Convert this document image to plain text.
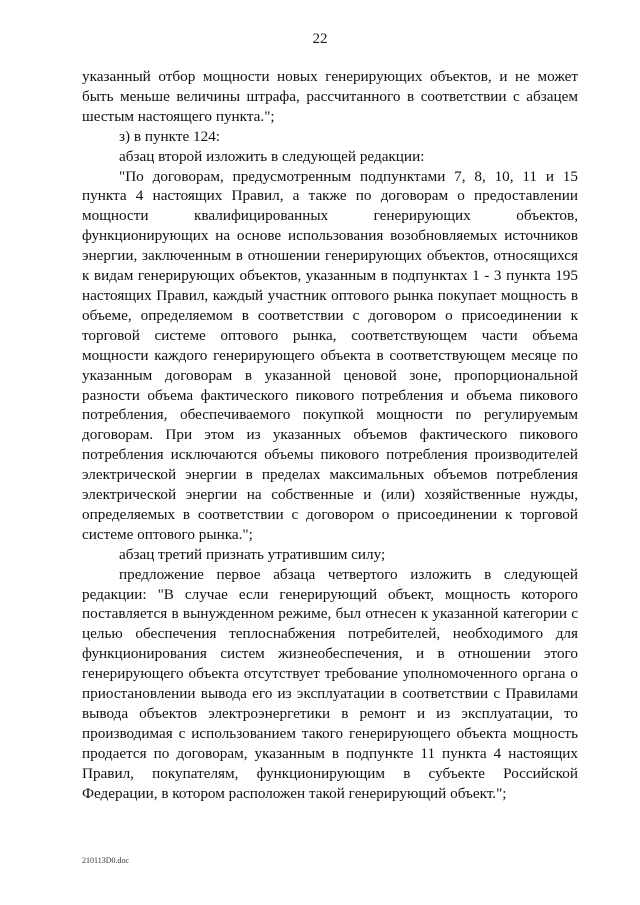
22

указанный отбор мощности новых генерирующих объектов, и не может быть меньше величины штрафа, рассчитанного в соответствии с абзацем шестым настоящего пункта.";

з) в пункте 124:

абзац второй изложить в следующей редакции:

"По договорам, предусмотренным подпунктами 7, 8, 10, 11 и 15 пункта 4 настоящих Правил, а также по договорам о предоставлении мощности квалифицированных генерирующих объектов, функционирующих на основе использования возобновляемых источников энергии, заключенным в отношении генерирующих объектов, относящихся к видам генерирующих объектов, указанным в подпунктах 1 - 3 пункта 195 настоящих Правил, каждый участник оптового рынка покупает мощность в объеме, определяемом в соответствии с договором о присоединении к торговой системе оптового рынка, соответствующем части объема мощности каждого генерирующего объекта в соответствующем месяце по указанным договорам в указанной ценовой зоне, пропорциональной разности объема фактического пикового потребления и объема пикового потребления, обеспечиваемого покупкой мощности по регулируемым договорам. При этом из указанных объемов фактического пикового потребления исключаются объемы пикового потребления производителей электрической энергии в пределах максимальных объемов потребления электрической энергии на собственные и (или) хозяйственные нужды, определяемых в соответствии с договором о присоединении к торговой системе оптового рынка.";

абзац третий признать утратившим силу;

предложение первое абзаца четвертого изложить в следующей редакции: "В случае если генерирующий объект, мощность которого поставляется в вынужденном режиме, был отнесен к указанной категории с целью обеспечения теплоснабжения потребителей, необходимого для функционирования систем жизнеобеспечения, и в отношении этого генерирующего объекта отсутствует требование уполномоченного органа о приостановлении вывода его из эксплуатации в соответствии с Правилами вывода объектов электроэнергетики в ремонт и из эксплуатации, то производимая с использованием такого генерирующего объекта мощность продается по договорам, указанным в подпункте 11 пункта 4 настоящих Правил, покупателям, функционирующим в субъекте Российской Федерации, в котором расположен такой генерирующий объект.";

210113D0.doc
